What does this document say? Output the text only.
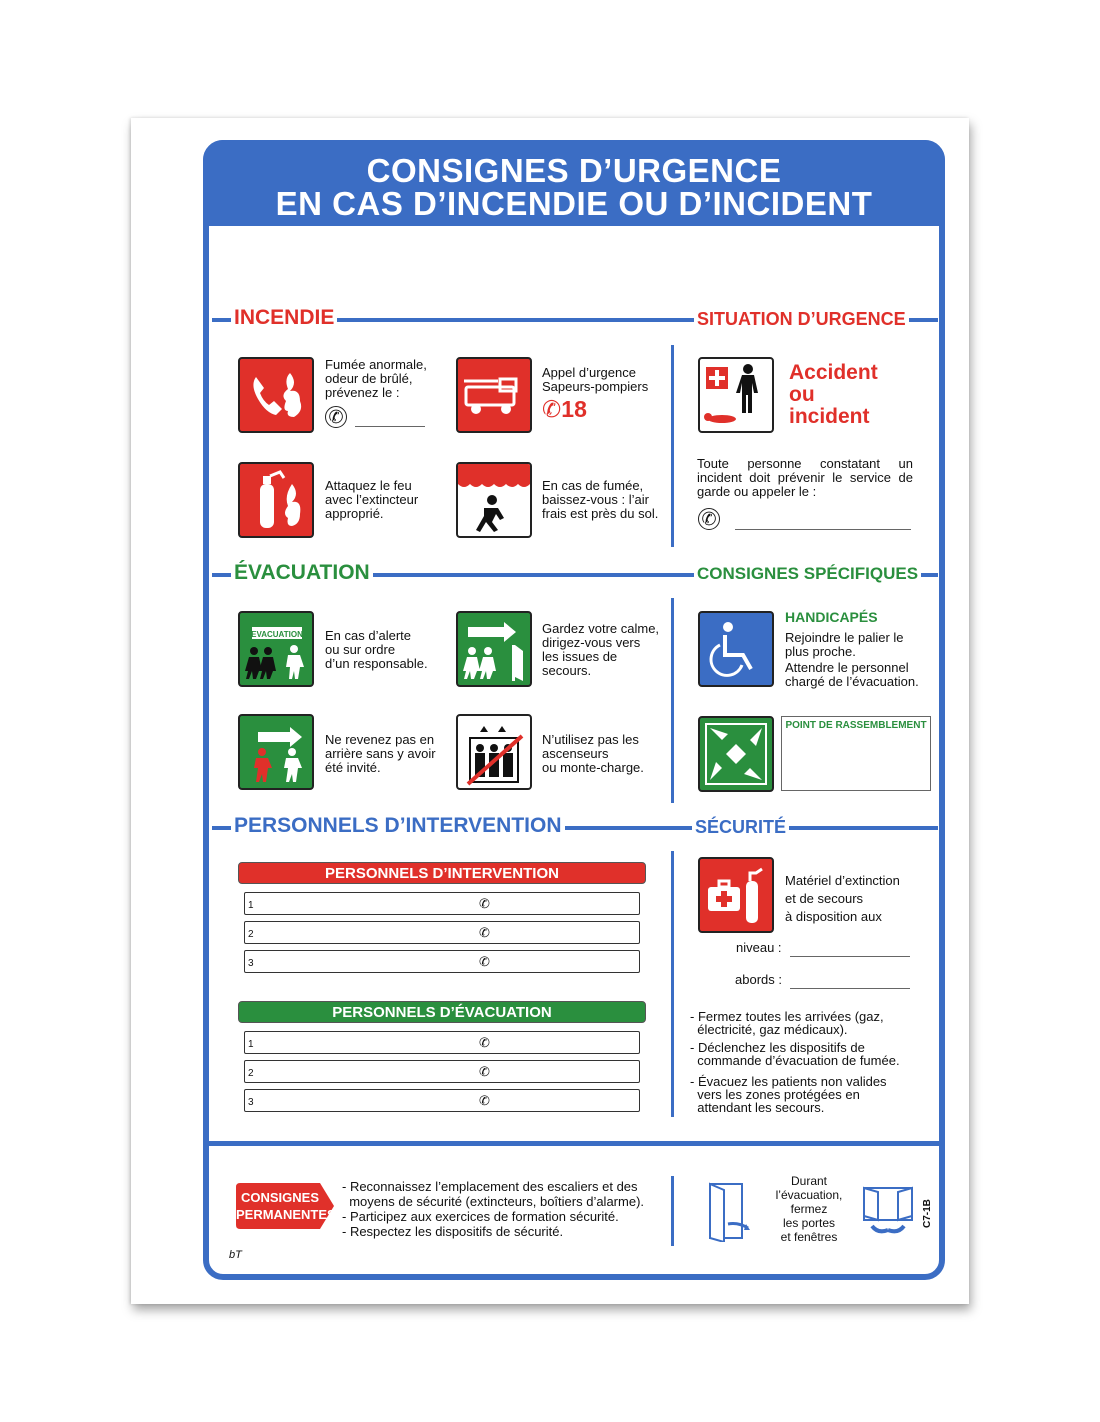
CONSIGNES D’URGENCE
EN CAS D’INCENDIE OU D’INCIDENT
INCENDIE	SITUATION D’URGENCE
ÉVACUATION	CONSIGNES SPÉCIFIQUES
PERSONNELS D’INTERVENTION	SÉCURITÉ
Fumée anormale,
odeur de brûlé,
prévenez le :
✆
Appel d’urgence
Sapeurs-pompiers
✆18
Attaquez le feu
avec l’extincteur
approprié.
En cas de fumée,
baissez-vous : l’air
frais est près du sol.
Accident
ou
incident
Toute personne constatant un incident doit prévenir le service de garde ou appeler le :
✆
EVACUATION En cas d’alerte
ou sur ordre
d’un responsable.
Gardez votre calme,
dirigez-vous vers
les issues de
secours.
Ne revenez pas en
arrière sans y avoir
été invité.
N’utilisez pas les
ascenseurs
ou monte-charge.
HANDICAPÉS
Rejoindre le palier le
plus proche.
Attendre le personnel
chargé de l’évacuation.
POINT DE RASSEMBLEMENT
PERSONNELS D’INTERVENTION
1	✆
2	✆
3	✆
PERSONNELS D’ÉVACUATION
1	✆
2	✆
3	✆
Matériel d’extinction
et de secours
à disposition aux
niveau :
abords :
- Fermez toutes les arrivées (gaz,
électricité, gaz médicaux).
- Déclenchez les dispositifs de
commande d’évacuation de fumée.
- Évacuez les patients non valides
vers les zones protégées en
attendant les secours.
CONSIGNES
PERMANENTES
- Reconnaissez l’emplacement des escaliers et des
moyens de sécurité (extincteurs, boîtiers d’alarme).
- Participez aux exercices de formation sécurité.
- Respectez les dispositifs de sécurité.
Durant
l’évacuation,
fermez
les portes
et fenêtres
C7-1B
bT
